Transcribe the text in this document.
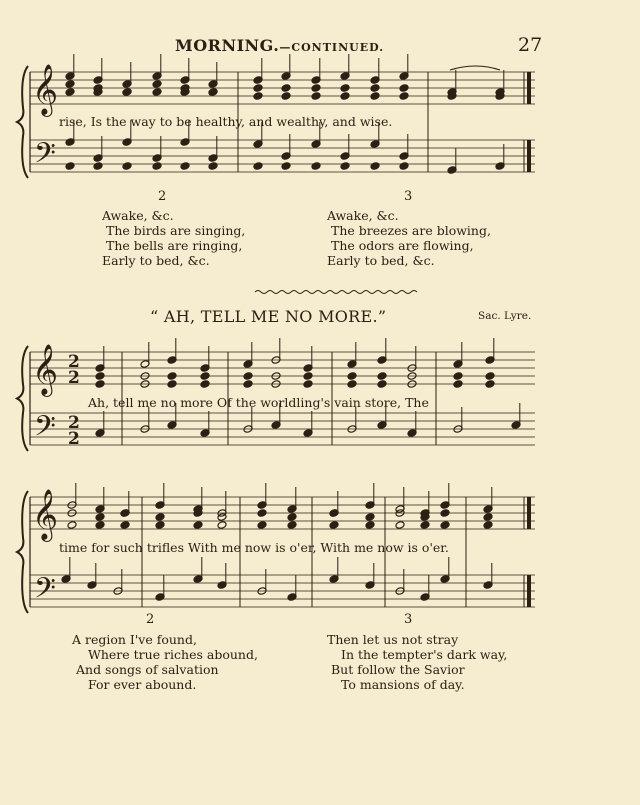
MORNING.—CONTINUED.	27
𝄞
𝄢
𝄞
𝄢
2
2
2
2
𝄞
𝄢
rise, Is the way to be healthy, and wealthy, and wise.
2	3
Awake, &c.
The birds are singing,
The bells are ringing,
Early to bed, &c.
Awake, &c.
The breezes are blowing,
The odors are flowing,
Early to bed, &c.
“ AH, TELL ME NO MORE.”	Sac. Lyre.
Ah, tell me no more Of the worldling's vain store, The
time for such trifles With me now is o'er, With me now is o'er.
2	3
A region I've found,
Where true riches abound,
And songs of salvation
For ever abound.
Then let us not stray
In the tempter's dark way,
But follow the Savior
To mansions of day.
